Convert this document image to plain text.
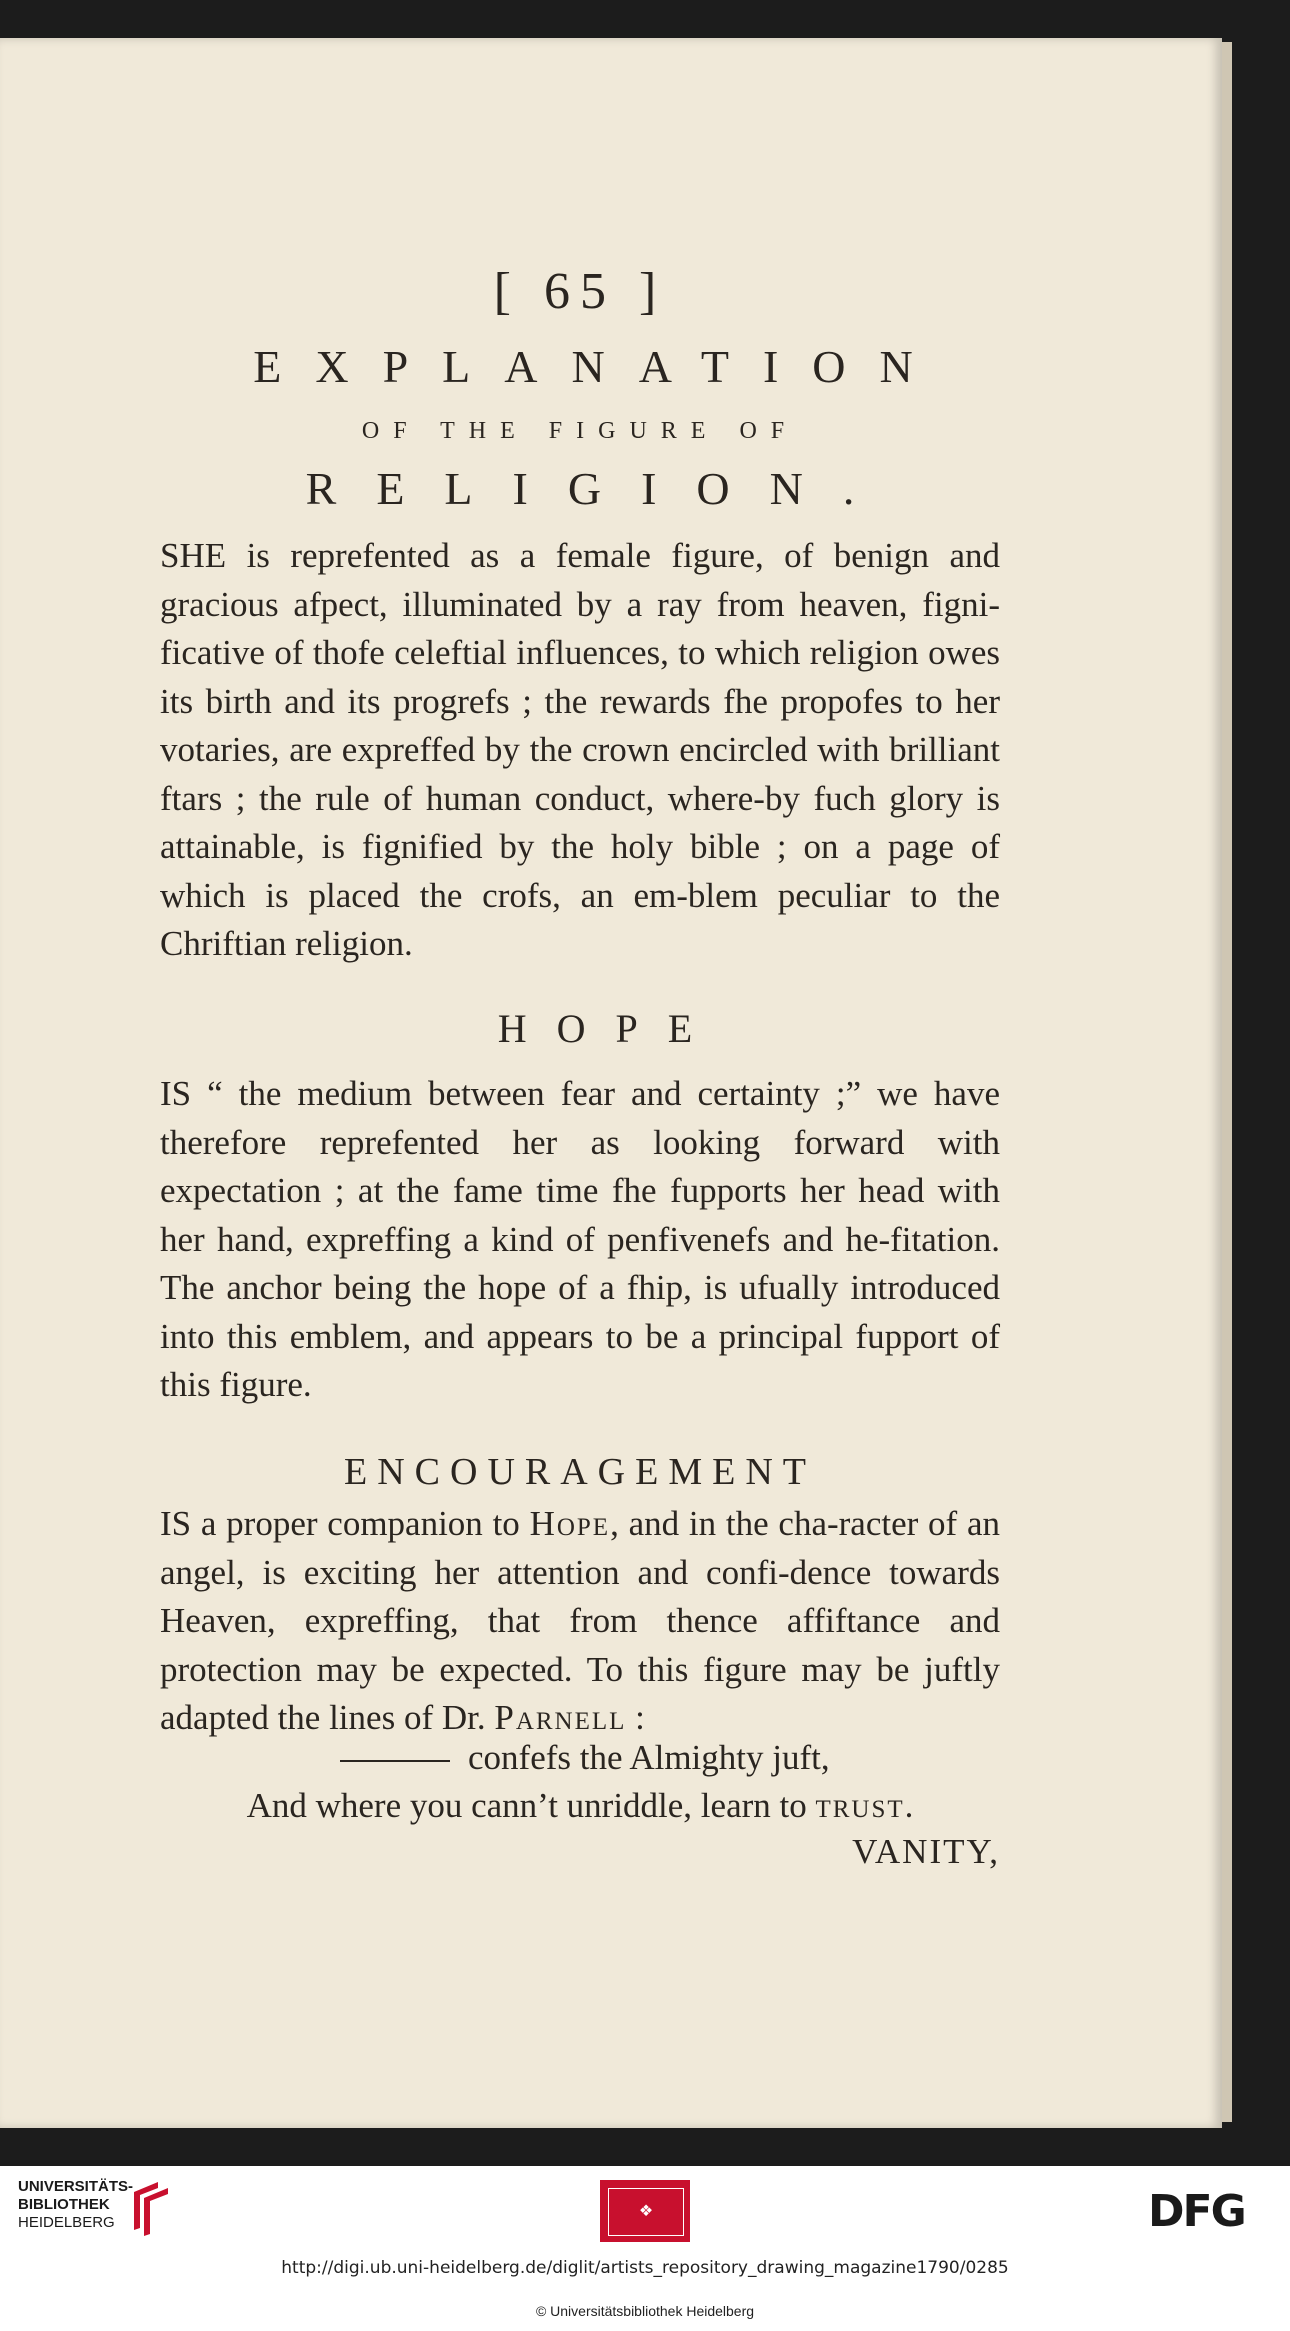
[ 65 ]
EXPLANATION
OF THE FIGURE OF
RELIGION.
SHE is reprefented as a female figure, of benign and gracious afpect, illuminated by a ray from heaven, figni-ficative of thofe celeftial influences, to which religion owes its birth and its progrefs ; the rewards fhe propofes to her votaries, are expreffed by the crown encircled with brilliant ftars ; the rule of human conduct, where-by fuch glory is attainable, is fignified by the holy bible ; on a page of which is placed the crofs, an em-blem peculiar to the Chriftian religion.
HOPE
IS “ the medium between fear and certainty ;” we have therefore reprefented her as looking forward with expectation ; at the fame time fhe fupports her head with her hand, expreffing a kind of penfivenefs and he-fitation. The anchor being the hope of a fhip, is ufually introduced into this emblem, and appears to be a principal fupport of this figure.
ENCOURAGEMENT
IS a proper companion to Hope, and in the cha-racter of an angel, is exciting her attention and confi-dence towards Heaven, expreffing, that from thence affiftance and protection may be expected. To this figure may be juftly adapted the lines of Dr. Parnell :
confefs the Almighty juft,
And where you cann’t unriddle, learn to trust.
VANITY,
UNIVERSITÄTS-
BIBLIOTHEK
HEIDELBERG
❖	DFG
http://digi.ub.uni-heidelberg.de/diglit/artists_repository_drawing_magazine1790/0285
© Universitätsbibliothek Heidelberg
